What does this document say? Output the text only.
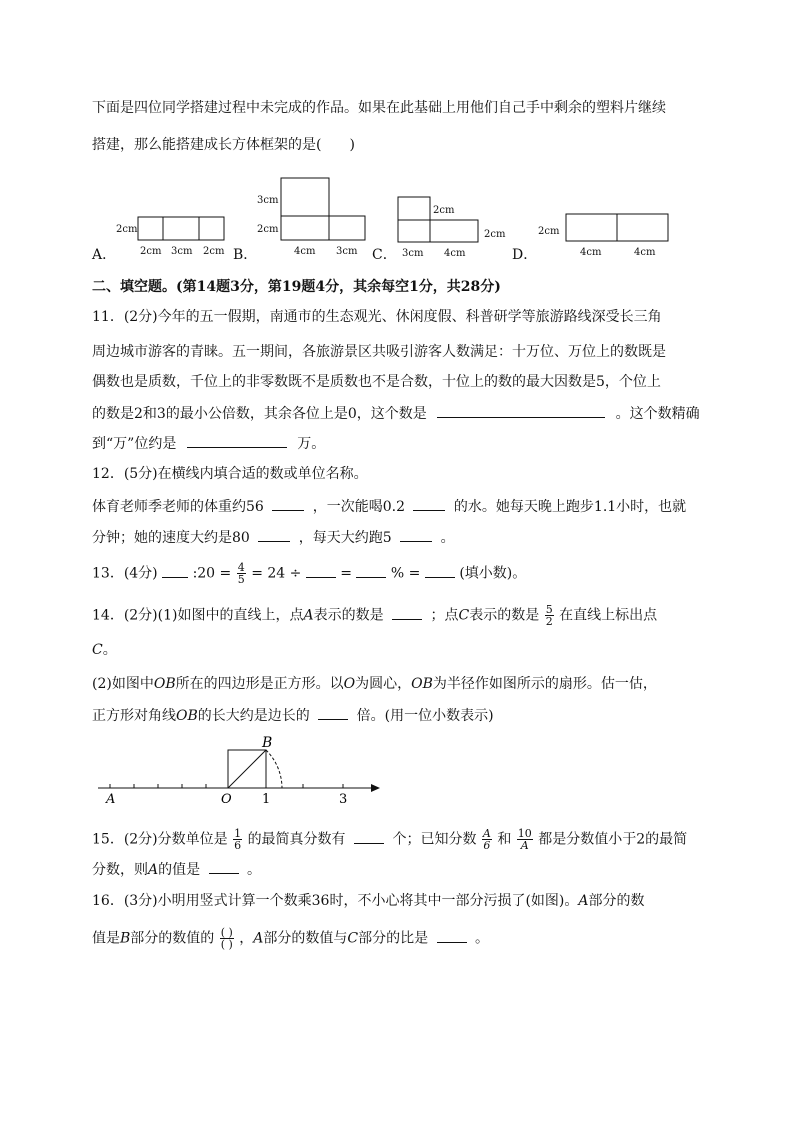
下面是四位同学搭建过程中未完成的作品。如果在此基础上用他们自己手中剩余的塑料片继续
搭建，那么能搭建成长方体框架的是(　　)
A．	B．	C．	D．
2cm
2cm 3cm 2cm
3cm
2cm
4cm 3cm
2cm
2cm
3cm 4cm
2cm
4cm	4cm
二、填空题。(第14题3分，第19题4分，其余每空1分，共28分)
11．(2分)今年的五一假期，南通市的生态观光、休闲度假、科普研学等旅游路线深受长三角
周边城市游客的青睐。五一期间，各旅游景区共吸引游客人数满足：十万位、万位上的数既是
偶数也是质数，千位上的非零数既不是质数也不是合数，十位上的数的最大因数是5，个位上
的数是2和3的最小公倍数，其余各位上是0，这个数是	。这个数精确
到“万”位约是	万。
12．(5分)在横线内填合适的数或单位名称。
体育老师季老师的体重约56	，一次能喝0.2	的水。她每天晚上跑步1.1小时，也就
分钟；她的速度大约是80	，每天大约跑5	。
13．(4分) :20 = $\frac{4}{5} = 24$ ÷	=	% =	(填小数)。
14．(2分)(1)如图中的直线上，点A表示的数是	；点C表示的数是 $\frac{5}{2}$ 在直线上标出点
C。
(2)如图中OB所在的四边形是正方形。以O为圆心，OB为半径作如图所示的扇形。估一估，
正方形对角线OB的长大约是边长的	倍。(用一位小数表示)
B
A	O 1	3
15．(2分)分数单位是 $\frac{1}{6}$ 的最简真分数有	个；已知分数 $\frac{A}{6}$ 和 $\frac{10}{A}$ 都是分数值小于2的最简
分数，则A的值是	。
16．(3分)小明用竖式计算一个数乘36时，不小心将其中一部分污损了(如图)。A部分的数
值是B部分的数值的 $\frac{( )}{( )}$ ，A部分的数值与C部分的比是	。
